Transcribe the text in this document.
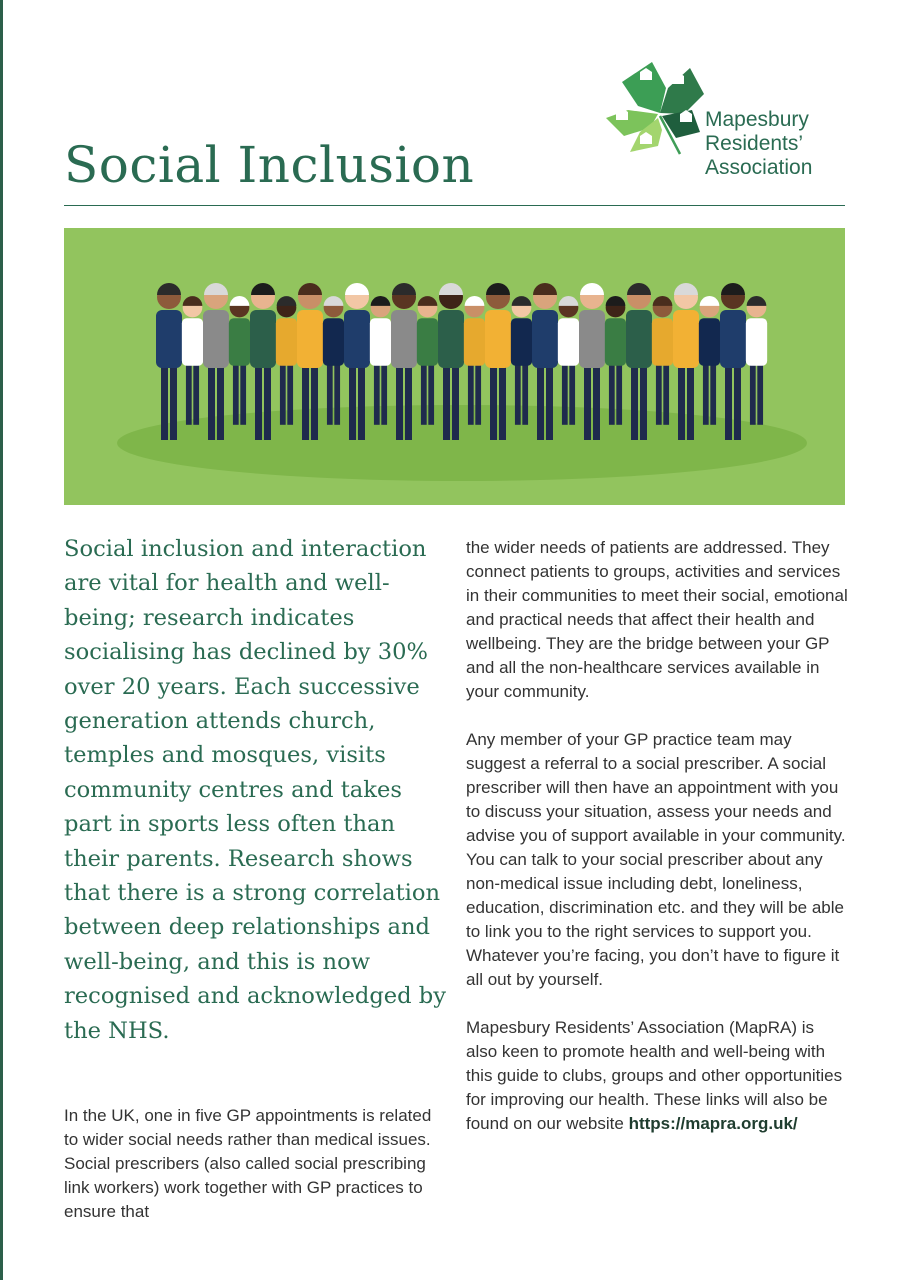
Social Inclusion
Mapesbury
Residents’
Association

Social inclusion and interaction are vital for health and well-being; research indicates socialising has declined by 30% over 20 years. Each successive generation attends church, temples and mosques, visits community centres and takes part in sports less often than their parents. Research shows that there is a strong correlation between deep relationships and well-being, and this is now recognised and acknowledged by the NHS.

In the UK, one in five GP appointments is related to wider social needs rather than medical issues. Social prescribers (also called social prescribing link workers) work together with GP practices to ensure that

the wider needs of patients are addressed. They connect patients to groups, activities and services in their communities to meet their social, emotional and practical needs that affect their health and wellbeing. They are the bridge between your GP and all the non-healthcare services available in your community.

Any member of your GP practice team may suggest a referral to a social prescriber. A social prescriber will then have an appointment with you to discuss your situation, assess your needs and advise you of support available in your community. You can talk to your social prescriber about any non-medical issue including debt, loneliness, education, discrimination etc. and they will be able to link you to the right services to support you. Whatever you’re facing, you don’t have to figure it all out by yourself.

Mapesbury Residents’ Association (MapRA) is also keen to promote health and well-being with this guide to clubs, groups and other opportunities for improving our health. These links will also be found on our website https://mapra.org.uk/
